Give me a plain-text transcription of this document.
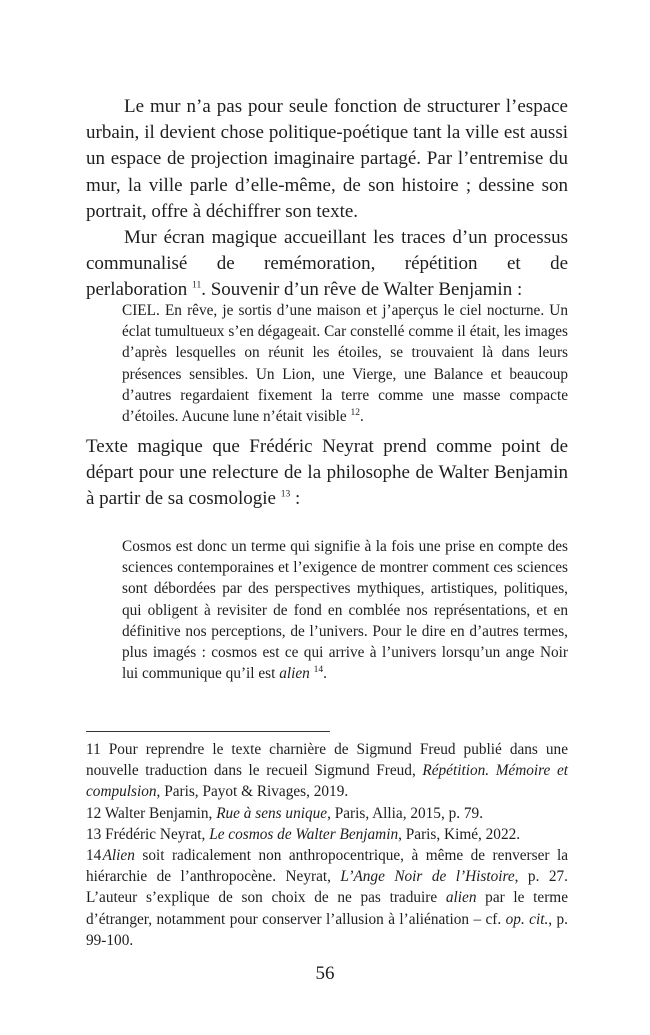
Le mur n’a pas pour seule fonction de structurer l’espace urbain, il devient chose politique-poétique tant la ville est aussi un espace de projection imaginaire partagé. Par l’entremise du mur, la ville parle d’elle-même, de son histoire ; dessine son portrait, offre à déchiffrer son texte.

Mur écran magique accueillant les traces d’un processus communalisé de remémoration, répétition et de perlaboration $^{11}$. Souvenir d’un rêve de Walter Benjamin :

CIEL. En rêve, je sortis d’une maison et j’aperçus le ciel nocturne. Un éclat tumultueux s’en dégageait. Car constellé comme il était, les images d’après lesquelles on réunit les étoiles, se trouvaient là dans leurs présences sensibles. Un Lion, une Vierge, une Balance et beaucoup d’autres regardaient fixement la terre comme une masse compacte d’étoiles. Aucune lune n’était visible $^{12}$.

Texte magique que Frédéric Neyrat prend comme point de départ pour une relecture de la philosophe de Walter Benjamin à partir de sa cosmologie $^{13}$ :

Cosmos est donc un terme qui signifie à la fois une prise en compte des sciences contemporaines et l’exigence de montrer comment ces sciences sont débordées par des perspectives mythiques, artistiques, politiques, qui obligent à revisiter de fond en comblée nos représentations, et en définitive nos perceptions, de l’univers. Pour le dire en d’autres termes, plus imagés : cosmos est ce qui arrive à l’univers lorsqu’un ange Noir lui communique qu’il est alien $^{14}$.

11 Pour reprendre le texte charnière de Sigmund Freud publié dans une nouvelle traduction dans le recueil Sigmund Freud, Répétition. Mémoire et compulsion, Paris, Payot & Rivages, 2019.

12 Walter Benjamin, Rue à sens unique, Paris, Allia, 2015, p. 79.

13 Frédéric Neyrat, Le cosmos de Walter Benjamin, Paris, Kimé, 2022.

14 Alien soit radicalement non anthropocentrique, à même de renverser la hiérarchie de l’anthropocène. Neyrat, L’Ange Noir de l’Histoire, p. 27. L’auteur s’explique de son choix de ne pas traduire alien par le terme d’étranger, notamment pour conserver l’allusion à l’aliénation – cf. op. cit., p. 99-100.

56
